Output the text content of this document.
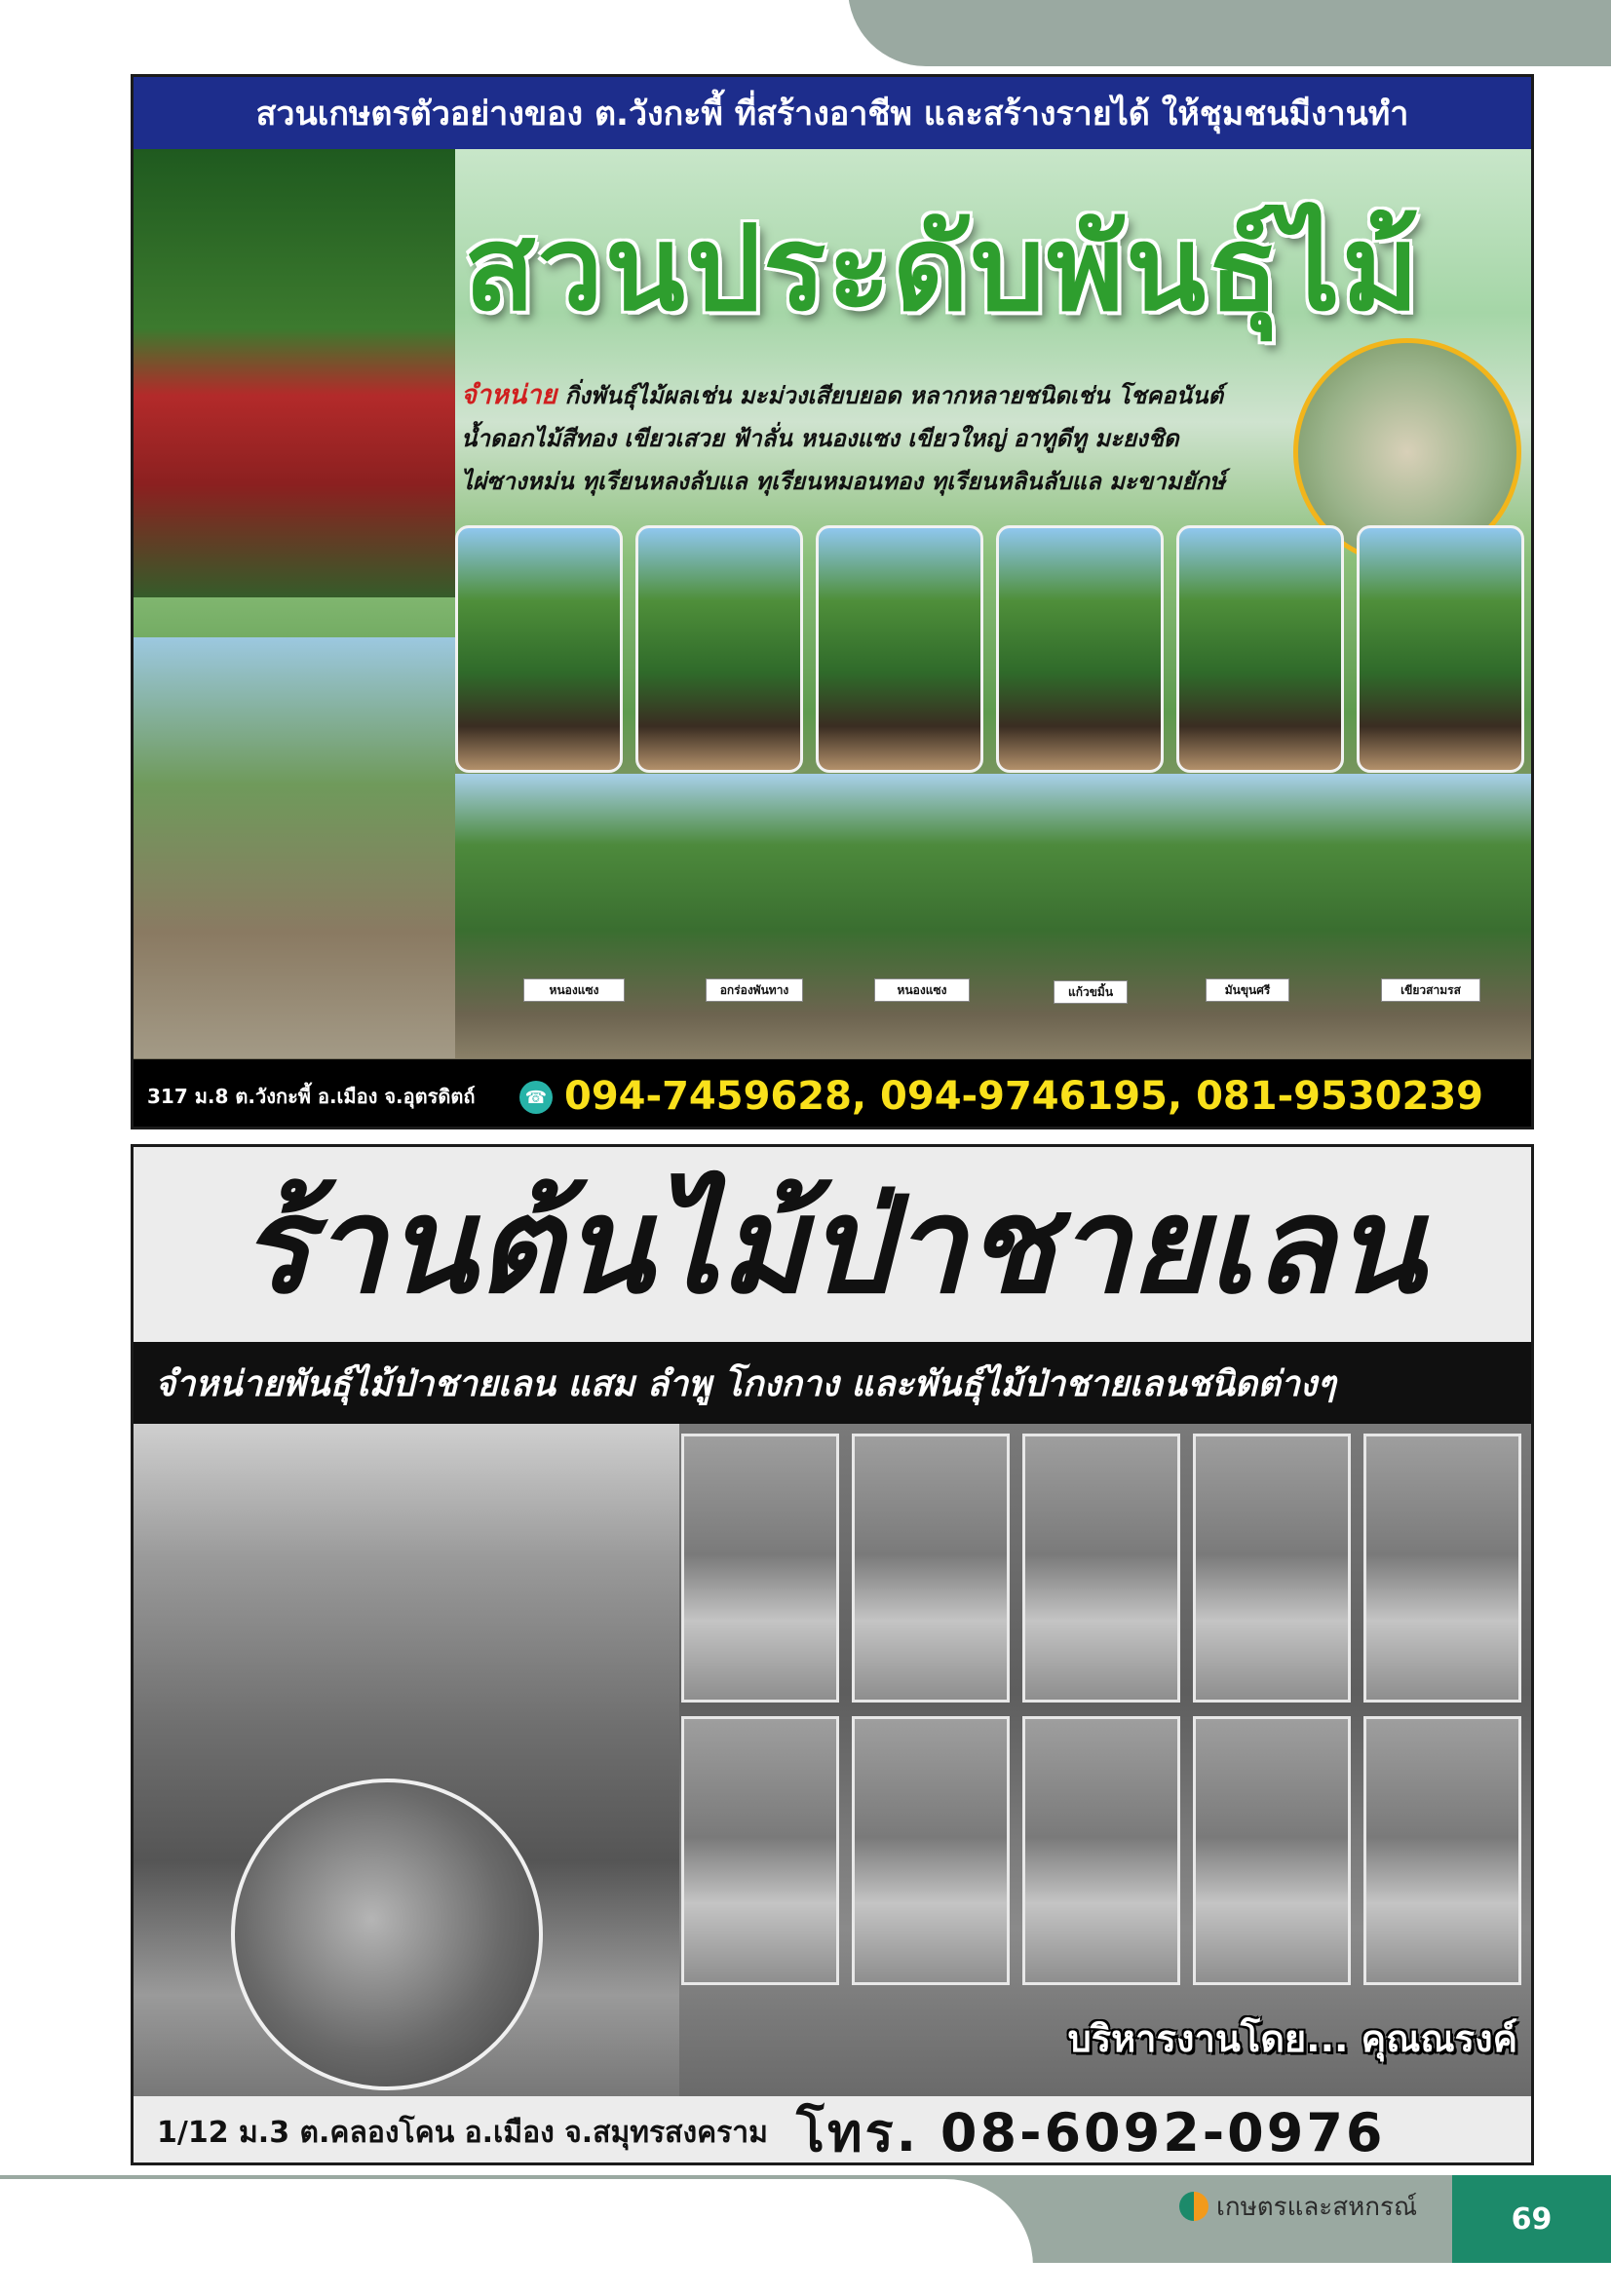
สวนเกษตรตัวอย่างของ ต.วังกะพี้ ที่สร้างอาชีพ และสร้างรายได้ ให้ชุมชนมีงานทำ
สวนประดับพันธุ์ไม้
จำหน่าย กิ่งพันธุ์ไม้ผลเช่น มะม่วงเสียบยอด หลากหลายชนิดเช่น โชคอนันต์
น้ำดอกไม้สีทอง เขียวเสวย ฟ้าลั่น หนองแซง เขียวใหญ่ อาทูดีทู มะยงชิด
ไผ่ซางหม่น ทุเรียนหลงลับแล ทุเรียนหมอนทอง ทุเรียนหลินลับแล มะขามยักษ์
หนองแซง	อกร่องพันทาง	หนองแซง	แก้วขมิ้น	มันขุนศรี	เขียวสามรส
317 ม.8 ต.วังกะพี้ อ.เมือง จ.อุตรดิตถ์	☎ 094-7459628, 094-9746195, 081-9530239
ร้านต้นไม้ป่าชายเลน
จำหน่ายพันธุ์ไม้ป่าชายเลน แสม ลำพู โกงกาง และพันธุ์ไม้ป่าชายเลนชนิดต่างๆ
บริหารงานโดย... คุณณรงค์
1/12 ม.3 ต.คลองโคน อ.เมือง จ.สมุทรสงคราม โทร. 08-6092-0976
เกษตรและสหกรณ์	69
